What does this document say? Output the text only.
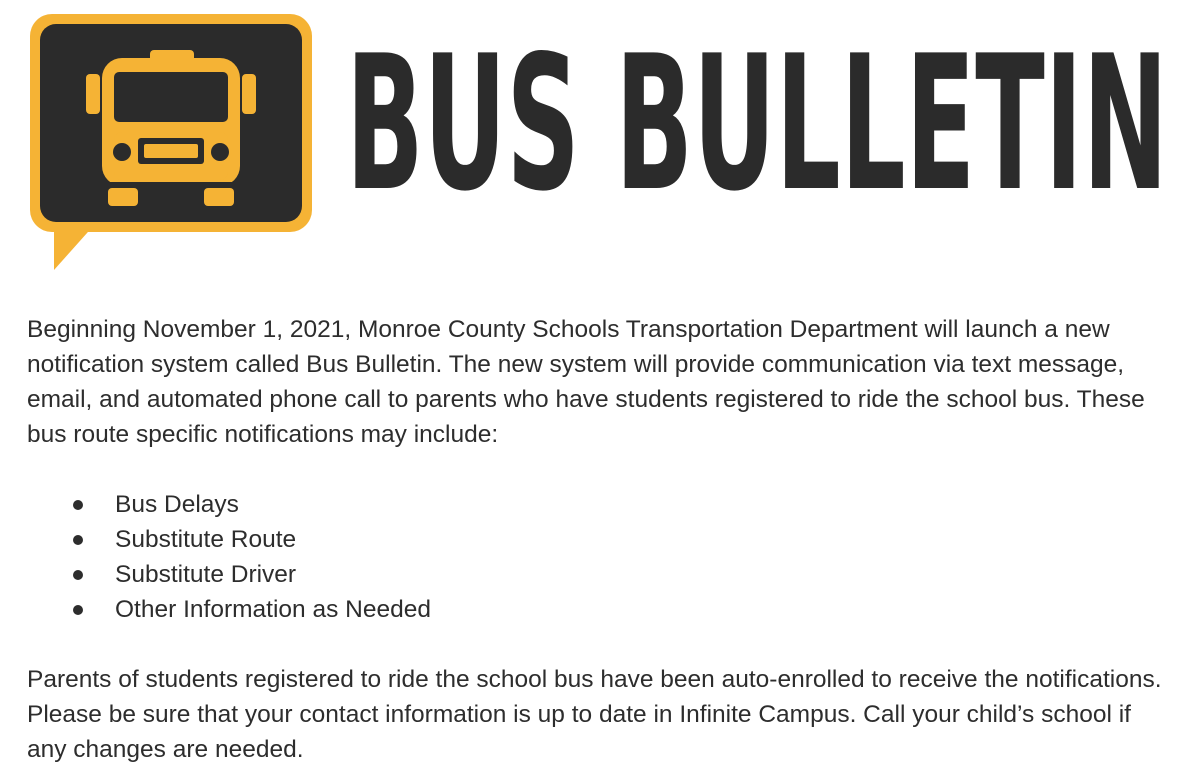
BUS BULLETIN

Beginning November 1, 2021, Monroe County Schools Transportation Department will launch a new notification system called Bus Bulletin. The new system will provide communication via text message, email, and automated phone call to parents who have students registered to ride the school bus. These bus route specific notifications may include:

Bus Delays
Substitute Route
Substitute Driver
Other Information as Needed

Parents of students registered to ride the school bus have been auto-enrolled to receive the notifications. Please be sure that your contact information is up to date in Infinite Campus. Call your child’s school if any changes are needed.
